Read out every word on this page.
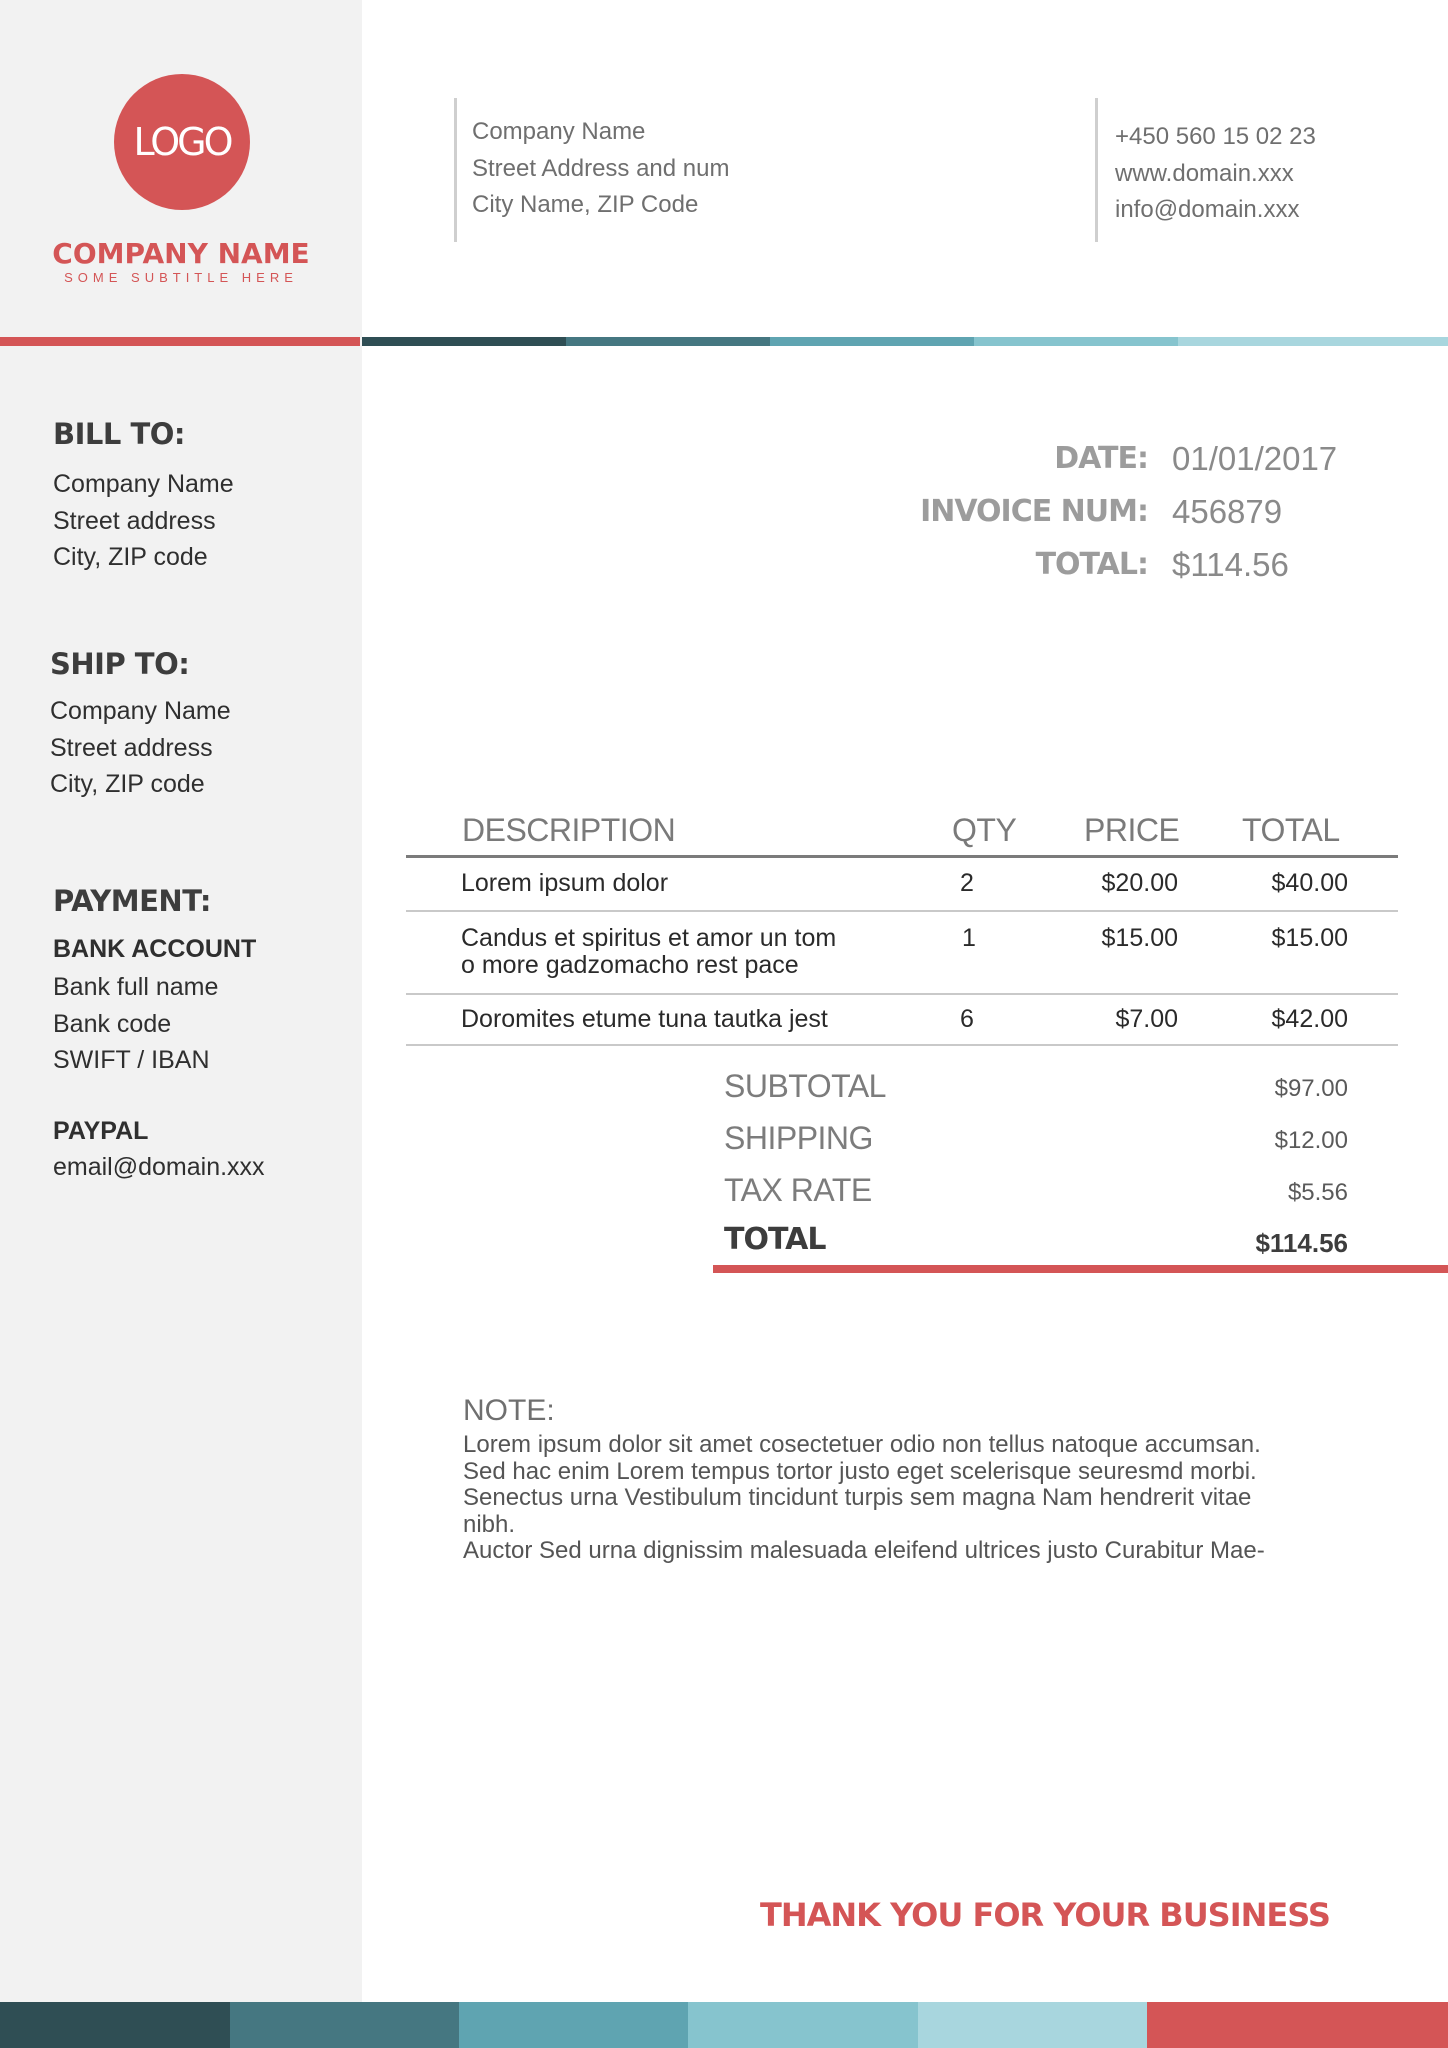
LOGO
COMPANY NAME
SOME SUBTITLE HERE
Company Name
Street Address and num
City Name, ZIP Code
+450 560 15 02 23
www.domain.xxx
info@domain.xxx
BILL TO:
Company Name
Street address
City, ZIP code
SHIP TO:
Company Name
Street address
City, ZIP code
PAYMENT:
BANK ACCOUNT
Bank full name
Bank code
SWIFT / IBAN
PAYPAL
email@domain.xxx
DATE: 01/01/2017
INVOICE NUM: 456879
TOTAL: $114.56
DESCRIPTION	QTY PRICE TOTAL
Lorem ipsum dolor	2	$20.00	$40.00
Candus et spiritus et amor un tom
o more gadzomacho rest pace
1	$15.00	$15.00
Doromites etume tuna tautka jest	6	$7.00	$42.00
SUBTOTAL	$97.00
SHIPPING	$12.00
TAX RATE	$5.56
TOTAL	$114.56
NOTE:
Lorem ipsum dolor sit amet cosectetuer odio non tellus natoque accumsan.
Sed hac enim Lorem tempus tortor justo eget scelerisque seuresmd morbi.
Senectus urna Vestibulum tincidunt turpis sem magna Nam hendrerit vitae
nibh.
Auctor Sed urna dignissim malesuada eleifend ultrices justo Curabitur Mae-
THANK YOU FOR YOUR BUSINESS
